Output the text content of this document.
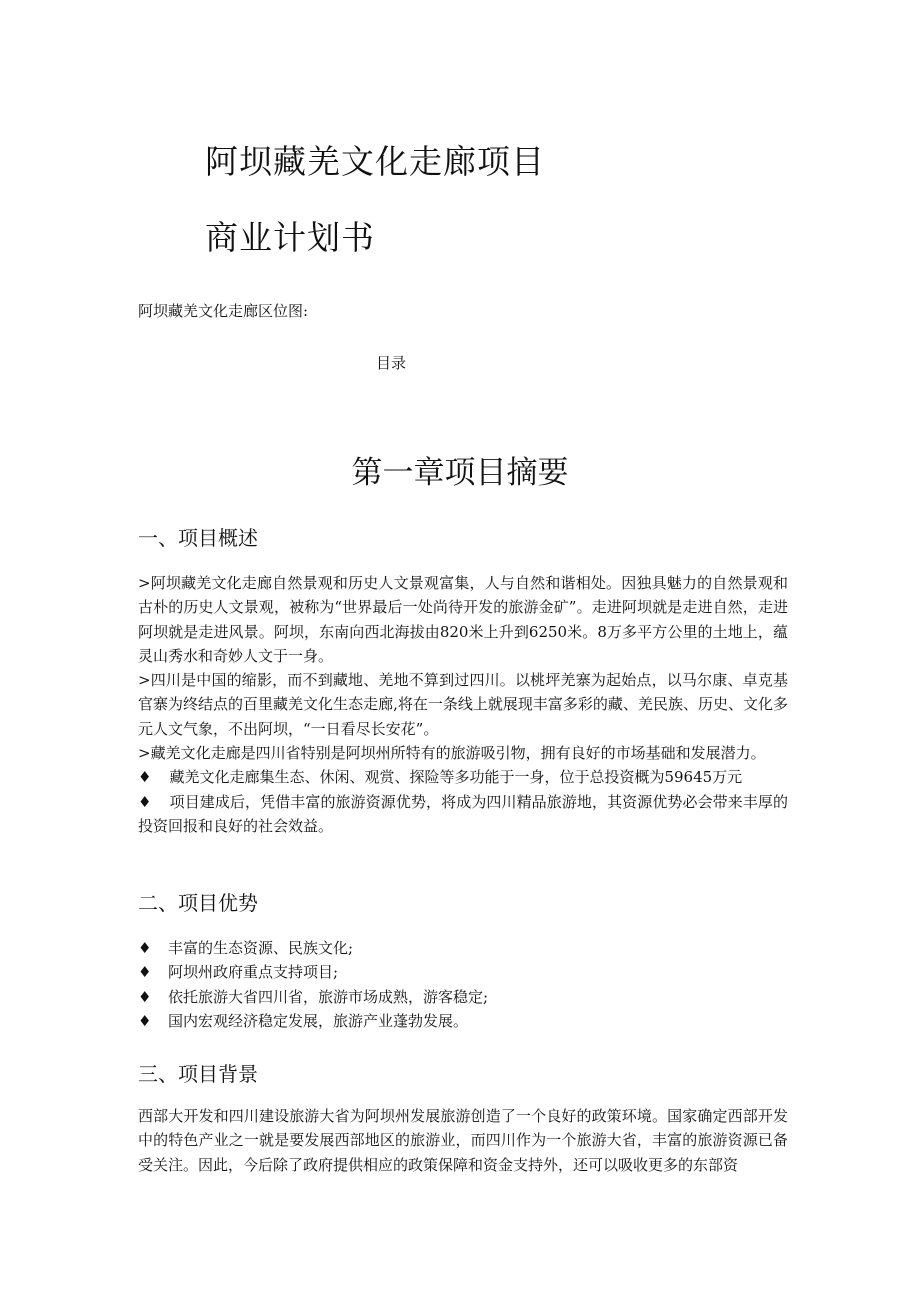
阿坝藏羌文化走廊项目
商业计划书
阿坝藏羌文化走廊区位图:
目录
第一章项目摘要
一、项目概述

>阿坝藏羌文化走廊自然景观和历史人文景观富集，人与自然和谐相处。因独具魅力的自然景观和古朴的历史人文景观，被称为“世界最后一处尚待开发的旅游金矿”。走进阿坝就是走进自然，走进阿坝就是走进风景。阿坝，东南向西北海拔由820米上升到6250米。8万多平方公里的土地上，蕴灵山秀水和奇妙人文于一身。

>四川是中国的缩影，而不到藏地、羌地不算到过四川。以桃坪羌寨为起始点，以马尔康、卓克基官寨为终结点的百里藏羌文化生态走廊,将在一条线上就展现丰富多彩的藏、羌民族、历史、文化多元人文气象，不出阿坝，“一日看尽长安花”。

>藏羌文化走廊是四川省特别是阿坝州所特有的旅游吸引物，拥有良好的市场基础和发展潜力。

♦ 藏羌文化走廊集生态、休闲、观赏、探险等多功能于一身，位于总投资概为59645万元

♦ 项目建成后，凭借丰富的旅游资源优势，将成为四川精品旅游地，其资源优势必会带来丰厚的投资回报和良好的社会效益。

二、项目优势
♦	丰富的生态资源、民族文化;
♦	阿坝州政府重点支持项目;
♦	依托旅游大省四川省，旅游市场成熟，游客稳定;
♦	国内宏观经济稳定发展，旅游产业蓬勃发展。
三、项目背景

西部大开发和四川建设旅游大省为阿坝州发展旅游创造了一个良好的政策环境。国家确定西部开发中的特色产业之一就是要发展西部地区的旅游业，而四川作为一个旅游大省，丰富的旅游资源已备受关注。因此，今后除了政府提供相应的政策保障和资金支持外，还可以吸收更多的东部资
